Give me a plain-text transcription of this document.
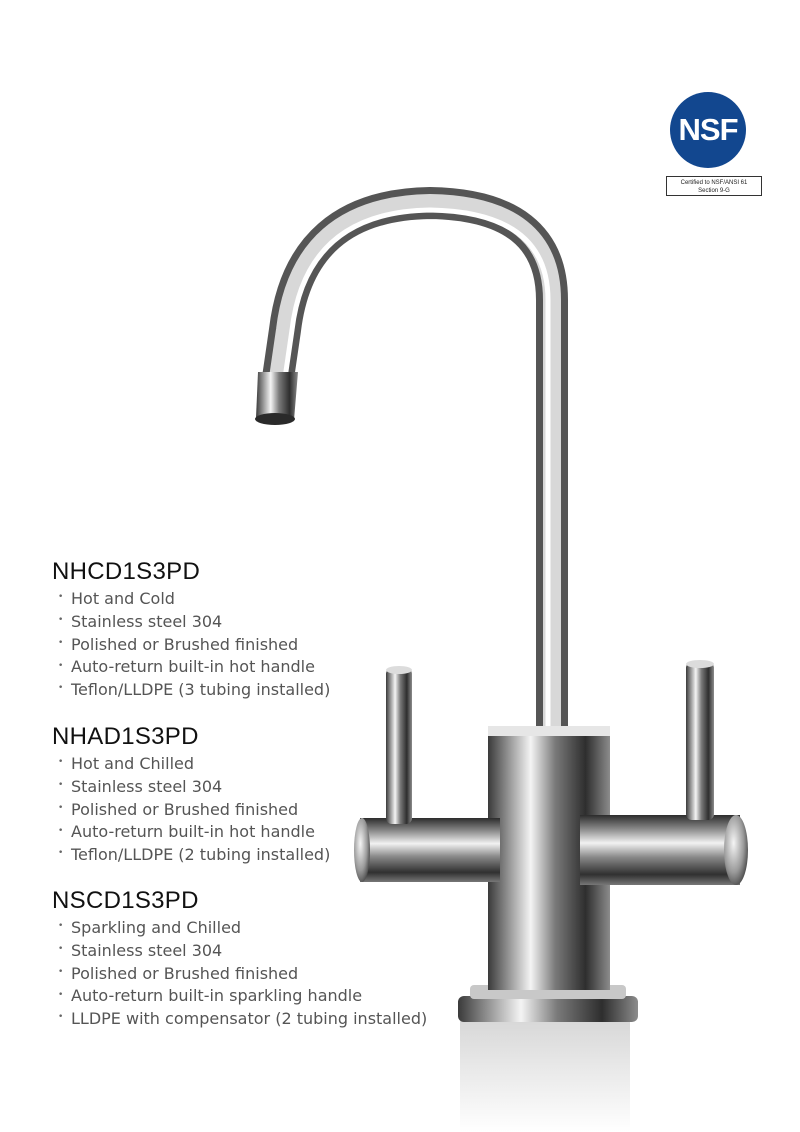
NSF
Certified to NSF/ANSI 61
Section 9-G
NHCD1S3PD
• Hot and Cold
• Stainless steel 304
• Polished or Brushed finished
• Auto-return built-in hot handle
• Teflon/LLDPE (3 tubing installed)
NHAD1S3PD
• Hot and Chilled
• Stainless steel 304
• Polished or Brushed finished
• Auto-return built-in hot handle
• Teflon/LLDPE (2 tubing installed)
NSCD1S3PD
• Sparkling and Chilled
• Stainless steel 304
• Polished or Brushed finished
• Auto-return built-in sparkling handle
• LLDPE with compensator (2 tubing installed)
